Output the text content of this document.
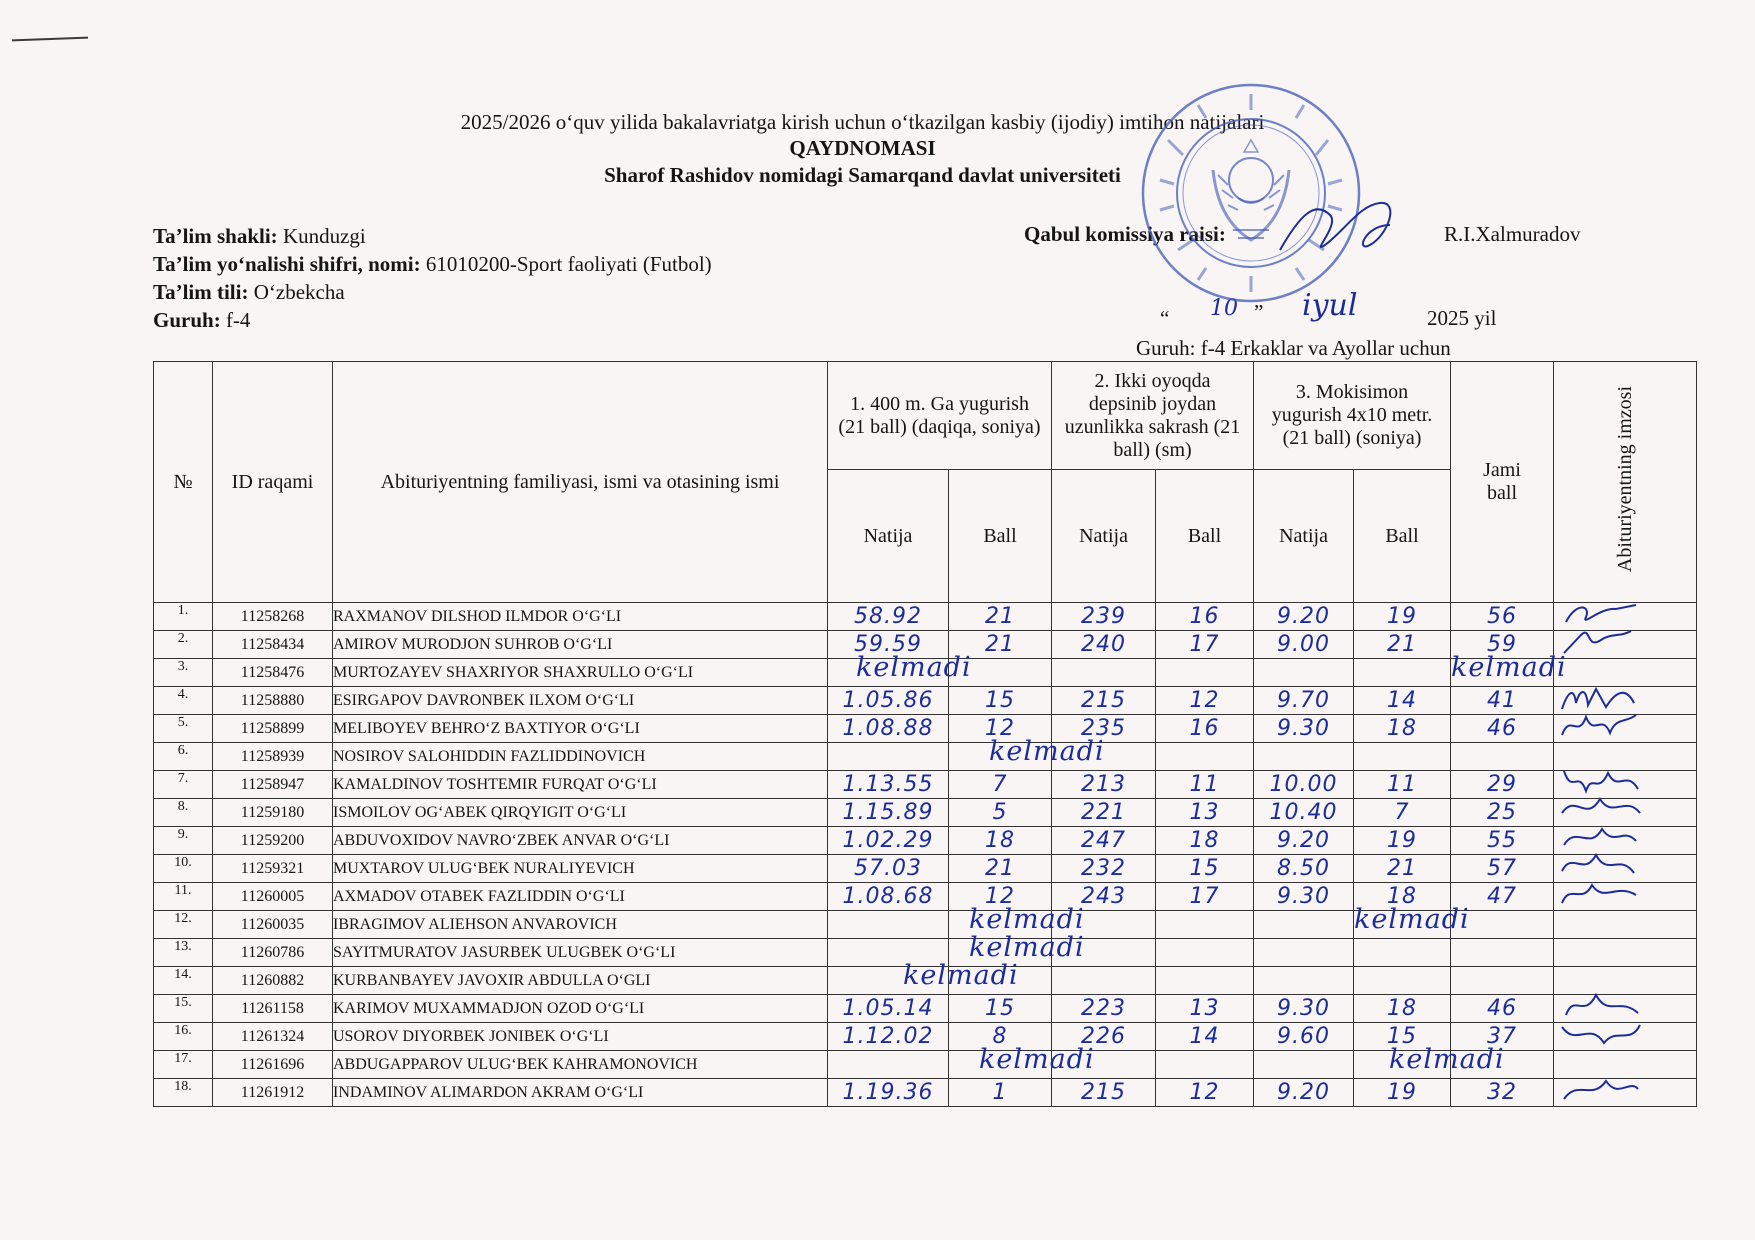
2025/2026 o‘quv yilida bakalavriatga kirish uchun o‘tkazilgan kasbiy (ijodiy) imtihon natijalari
QAYDNOMASI
Sharof Rashidov nomidagi Samarqand davlat universiteti
Ta’lim shakli: Kunduzgi
Ta’lim yo‘nalishi shifri, nomi: 61010200-Sport faoliyati (Futbol)
Ta’lim tili: O‘zbekcha
Guruh: f-4
Qabul komissiya raisi:	R.I.Xalmuradov
“ 10 ” iyul	2025 yil
Guruh: f-4 Erkaklar va Ayollar uchun
№	ID raqami	Abituriyentning familiyasi, ismi va otasining ismi	1. 400 m. Ga yugurish (21 ball) (daqiqa, soniya)		2. Ikki oyoqda depsinib joydan uzunlikka sakrash (21 ball) (sm)		3. Mokisimon yugurish 4x10 metr. (21 ball) (soniya)		Jami ball	Abituriyentning imzosi
			Natija	Ball	Natija	Ball	Natija	Ball		
1.	11258268	RAXMANOV DILSHOD ILMDOR O‘G‘LI	58.92	21	239	16	9.20	19	56	

2.	11258434	AMIROV MURODJON SUHROB O‘G‘LI	59.59	21	240	17	9.00	21	59	

3.	11258476	MURTOZAYEV SHAXRIYOR SHAXRULLO O‘G‘LI	kelmadi						kelmadi	

4.	11258880	ESIRGAPOV DAVRONBEK ILXOM O‘G‘LI	1.05.86	15	215	12	9.70	14	41	

5.	11258899	MELIBOYEV BEHRO‘Z BAXTIYOR O‘G‘LI	1.08.88	12	235	16	9.30	18	46	

6.	11258939	NOSIROV SALOHIDDIN FAZLIDDINOVICH		kelmadi						

7.	11258947	KAMALDINOV TOSHTEMIR FURQAT O‘G‘LI	1.13.55	7	213	11	10.00	11	29	

8.	11259180	ISMOILOV OG‘ABEK QIRQYIGIT O‘G‘LI	1.15.89	5	221	13	10.40	7	25	

9.	11259200	ABDUVOXIDOV NAVRO‘ZBEK ANVAR O‘G‘LI	1.02.29	18	247	18	9.20	19	55	

10.	11259321	MUXTAROV ULUG‘BEK NURALIYEVICH	57.03	21	232	15	8.50	21	57	

11.	11260005	AXMADOV OTABEK FAZLIDDIN O‘G‘LI	1.08.68	12	243	17	9.30	18	47	

12.	11260035	IBRAGIMOV ALIEHSON ANVAROVICH		kelmadi				kelmadi		

13.	11260786	SAYITMURATOV JASURBEK ULUGBEK O‘G‘LI		kelmadi						

14.	11260882	KURBANBAYEV JAVOXIR ABDULLA O‘GLI	kelmadi							

15.	11261158	KARIMOV MUXAMMADJON OZOD O‘G‘LI	1.05.14	15	223	13	9.30	18	46	

16.	11261324	USOROV DIYORBEK JONIBEK O‘G‘LI	1.12.02	8	226	14	9.60	15	37	

17.	11261696	ABDUGAPPAROV ULUG‘BEK KAHRAMONOVICH		kelmadi				kelmadi		

18.	11261912	INDAMINOV ALIMARDON AKRAM O‘G‘LI	1.19.36	1	215	12	9.20	19	32	
